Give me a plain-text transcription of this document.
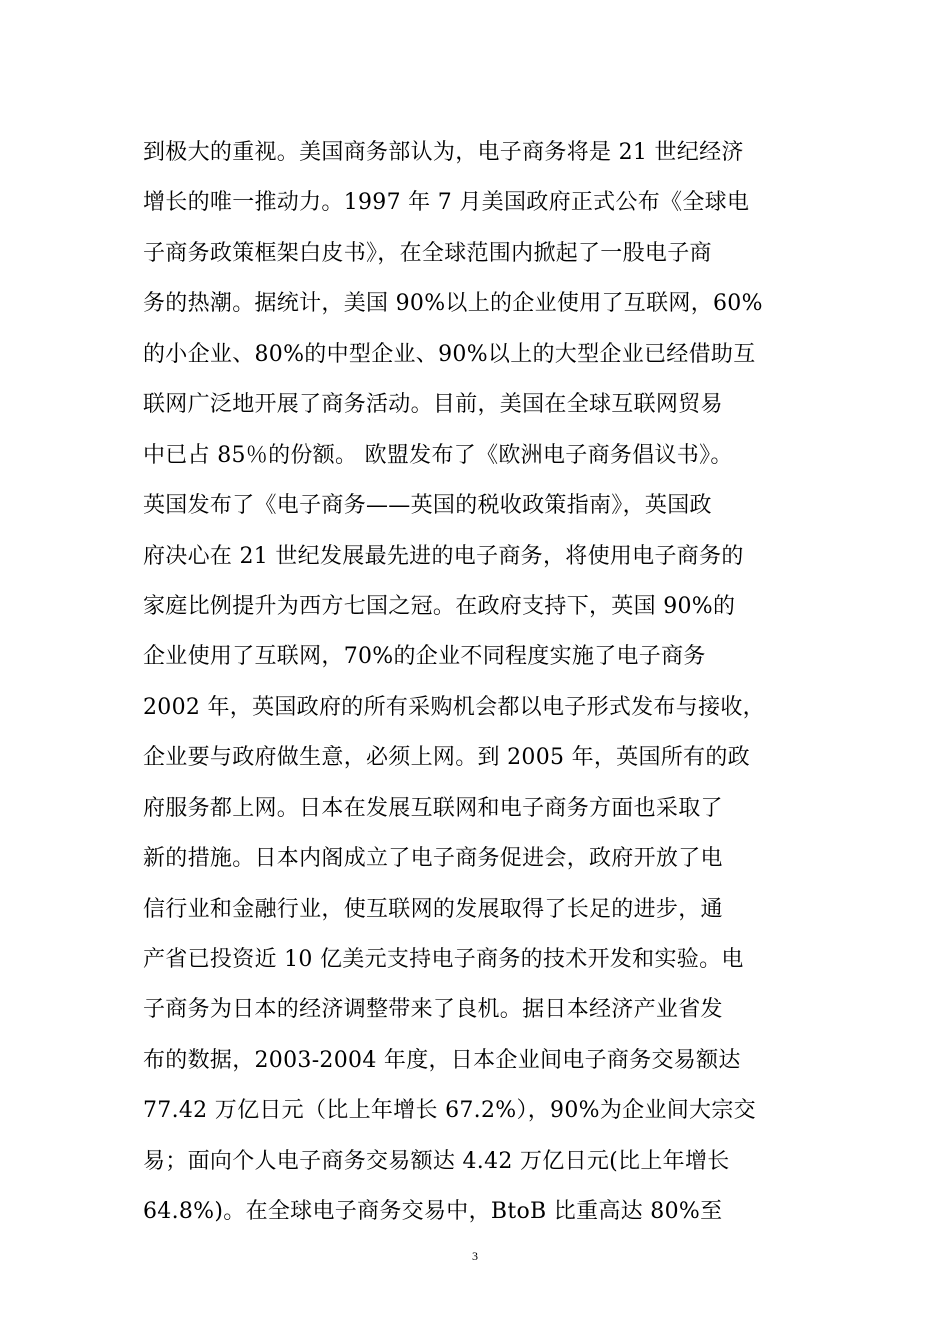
到极大的重视。美国商务部认为，电子商务将是 21 世纪经济
增长的唯一推动力。1997 年 7 月美国政府正式公布《全球电
子商务政策框架白皮书》，在全球范围内掀起了一股电子商
务的热潮。据统计，美国 90%以上的企业使用了互联网，60%
的小企业、80%的中型企业、90%以上的大型企业已经借助互
联网广泛地开展了商务活动。目前，美国在全球互联网贸易
中已占 85％的份额。 欧盟发布了《欧洲电子商务倡议书》。
英国发布了《电子商务——英国的税收政策指南》，英国政
府决心在 21 世纪发展最先进的电子商务，将使用电子商务的
家庭比例提升为西方七国之冠。在政府支持下，英国 90%的
企业使用了互联网，70%的企业不同程度实施了电子商务
2002 年，英国政府的所有采购机会都以电子形式发布与接收，
企业要与政府做生意，必须上网。到 2005 年，英国所有的政
府服务都上网。日本在发展互联网和电子商务方面也采取了
新的措施。日本内阁成立了电子商务促进会，政府开放了电
信行业和金融行业，使互联网的发展取得了长足的进步，通
产省已投资近 10 亿美元支持电子商务的技术开发和实验。电
子商务为日本的经济调整带来了良机。据日本经济产业省发
布的数据，2003-2004 年度，日本企业间电子商务交易额达
77.42 万亿日元（比上年增长 67.2%），90%为企业间大宗交
易；面向个人电子商务交易额达 4.42 万亿日元(比上年增长
64.8%)。在全球电子商务交易中，BtoB 比重高达 80%至
3
